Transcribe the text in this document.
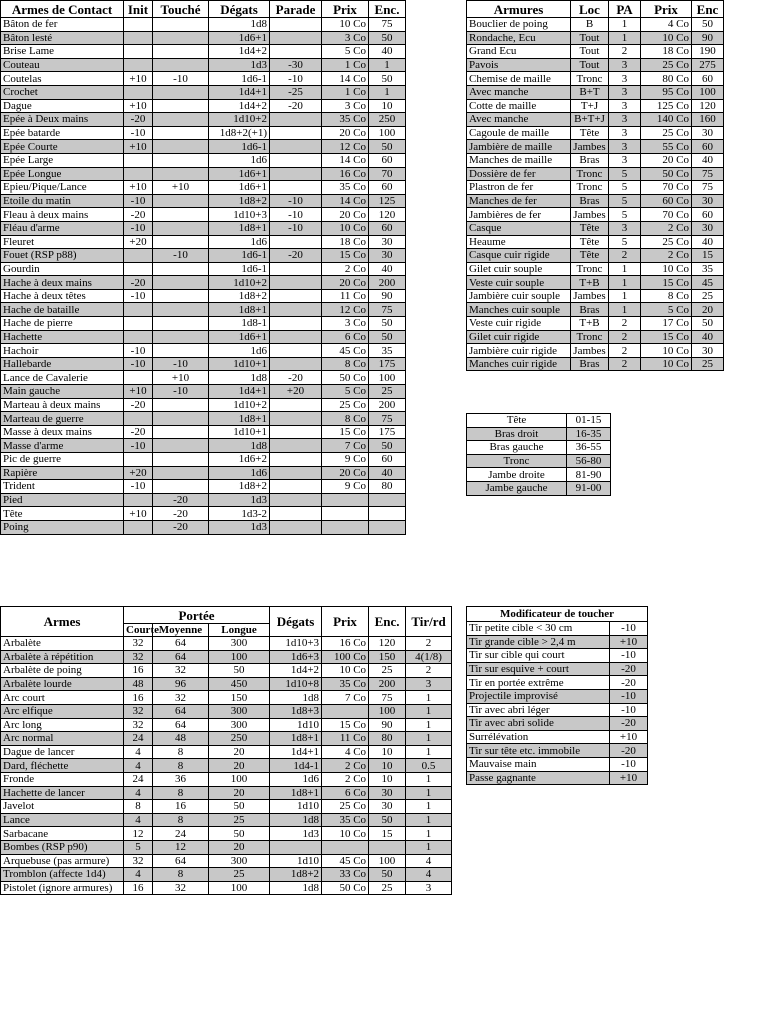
Armes de Contact	Init	Touché	Dégats	Parade	Prix	Enc.
Bâton de fer			1d8		10 Co	75
Bâton lesté			1d6+1		3 Co	50
Brise Lame			1d4+2		5 Co	40
Couteau			1d3	-30	1 Co	1
Coutelas	+10	-10	1d6-1	-10	14 Co	50
Crochet			1d4+1	-25	1 Co	1
Dague	+10		1d4+2	-20	3 Co	10
Epée à Deux mains	-20		1d10+2		35 Co	250
Epée batarde	-10		1d8+2(+1)		20 Co	100
Epée Courte	+10		1d6-1		12 Co	50
Epée Large			1d6		14 Co	60
Epée Longue			1d6+1		16 Co	70
Epieu/Pique/Lance	+10	+10	1d6+1		35 Co	60
Etoile du matin	-10		1d8+2	-10	14 Co	125
Fleau à deux mains	-20		1d10+3	-10	20 Co	120
Fléau d'arme	-10		1d8+1	-10	10 Co	60
Fleuret	+20		1d6		18 Co	30
Fouet (RSP p88)		-10	1d6-1	-20	15 Co	30
Gourdin			1d6-1		2 Co	40
Hache à deux mains	-20		1d10+2		20 Co	200
Hache à deux têtes	-10		1d8+2		11 Co	90
Hache de bataille			1d8+1		12 Co	75
Hache de pierre			1d8-1		3 Co	50
Hachette			1d6+1		6 Co	50
Hachoir	-10		1d6		45 Co	35
Hallebarde	-10	-10	1d10+1		8 Co	175
Lance de Cavalerie		+10	1d8	-20	50 Co	100
Main gauche	+10	-10	1d4+1	+20	5 Co	25
Marteau à deux mains	-20		1d10+2		25 Co	200
Marteau de guerre			1d8+1		8 Co	75
Masse à deux mains	-20		1d10+1		15 Co	175
Masse d'arme	-10		1d8		7 Co	50
Pic de guerre			1d6+2		9 Co	60
Rapière	+20		1d6		20 Co	40
Trident	-10		1d8+2		9 Co	80
Pied		-20	1d3			
Tête	+10	-20	1d3-2			
Poing		-20	1d3			
Armures	Loc	PA	Prix	Enc
Bouclier de poing	B	1	4 Co	50
Rondache, Ecu	Tout	1	10 Co	90
Grand Ecu	Tout	2	18 Co	190
Pavois	Tout	3	25 Co	275
Chemise de maille	Tronc	3	80 Co	60
Avec manche	B+T	3	95 Co	100
Cotte de maille	T+J	3	125 Co	120
Avec manche	B+T+J	3	140 Co	160
Cagoule de maille	Tête	3	25 Co	30
Jambière de maille	Jambes	3	55 Co	60
Manches de maille	Bras	3	20 Co	40
Dossière de fer	Tronc	5	50 Co	75
Plastron de fer	Tronc	5	70 Co	75
Manches de fer	Bras	5	60 Co	30
Jambières de fer	Jambes	5	70 Co	60
Casque	Tête	3	2 Co	30
Heaume	Tête	5	25 Co	40
Casque cuir rigide	Tête	2	2 Co	15
Gilet cuir souple	Tronc	1	10 Co	35
Veste cuir souple	T+B	1	15 Co	45
Jambière cuir souple	Jambes	1	8 Co	25
Manches cuir souple	Bras	1	5 Co	20
Veste cuir rigide	T+B	2	17 Co	50
Gilet cuir rigide	Tronc	2	15 Co	40
Jambière cuir rigide	Jambes	2	10 Co	30
Manches cuir rigide	Bras	2	10 Co	25
Tête	01-15
Bras droit	16-35
Bras gauche	36-55
Tronc	56-80
Jambe droite	81-90
Jambe gauche	91-00
Armes	Portée			Dégats	Prix	Enc.	Tir/rd
	Courte	Moyenne	Longue				
Arbalète	32	64	300	1d10+3	16 Co	120	2
Arbalète à répétition	32	64	100	1d6+3	100 Co	150	4(1/8)
Arbalète de poing	16	32	50	1d4+2	10 Co	25	2
Arbalète lourde	48	96	450	1d10+8	35 Co	200	3
Arc court	16	32	150	1d8	7 Co	75	1
Arc elfique	32	64	300	1d8+3		100	1
Arc long	32	64	300	1d10	15 Co	90	1
Arc normal	24	48	250	1d8+1	11 Co	80	1
Dague de lancer	4	8	20	1d4+1	4 Co	10	1
Dard, fléchette	4	8	20	1d4-1	2 Co	10	0.5
Fronde	24	36	100	1d6	2 Co	10	1
Hachette de lancer	4	8	20	1d8+1	6 Co	30	1
Javelot	8	16	50	1d10	25 Co	30	1
Lance	4	8	25	1d8	35 Co	50	1
Sarbacane	12	24	50	1d3	10 Co	15	1
Bombes (RSP p90)	5	12	20				1
Arquebuse (pas armure)	32	64	300	1d10	45 Co	100	4
Tromblon (affecte 1d4)	4	8	25	1d8+2	33 Co	50	4
Pistolet (ignore armures)	16	32	100	1d8	50 Co	25	3
Modificateur de toucher	
Tir petite cible < 30 cm	-10
Tir grande cible > 2,4 m	+10
Tir sur cible qui court	-10
Tir sur esquive + court	-20
Tir en portée extrême	-20
Projectile improvisé	-10
Tir avec abri léger	-10
Tir avec abri solide	-20
Surrélévation	+10
Tir sur tête etc. immobile	-20
Mauvaise main	-10
Passe gagnante	+10
